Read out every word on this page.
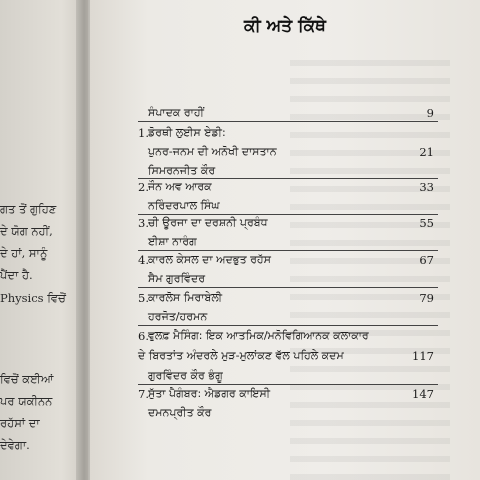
ਗਤ ਤੋਂ ਗੁਹਿਣ
ਦੇ ਯੋਗ ਨਹੀਂ,
ਦੇ ਹਾਂ, ਸਾਨੂੰ
ਪੈਂਦਾ ਹੈ.
Physics ਵਿਚੋਂ
ਵਿਚੋਂ ਕਈਆਂ
ਪਰ ਯਕੀਨਨ
ਰਹੱਸਾਂ ਦਾ
ਦੇਵੇਗਾ.
ਕੀ ਅਤੇ ਕਿੱਥੇ
ਸੰਪਾਦਕ ਰਾਹੀਂ	9
1. ਡੋਰਥੀ ਲੁਈਸ ਏਡੀ:
ਪੁਨਰ-ਜਨਮ ਦੀ ਅਨੋਖੀ ਦਾਸਤਾਨ	21
ਸਿਮਰਨਜੀਤ ਕੌਰ
2. ਜੌਨ ਅਵ ਆਰਕ	33
ਨਰਿੰਦਰਪਾਲ ਸਿੰਘ
3. ਚੀ ਊਰਜਾ ਦਾ ਦਰਸ਼ਨੀ ਪ੍ਰਬੰਧ	55
ਈਸ਼ਾ ਨਾਰੰਗ
4. ਕਾਰਲ ਕੇਸਲ ਦਾ ਅਦਭੁਤ ਰਹੱਸ	67
ਸੈਮ ਗੁਰਵਿੰਦਰ
5. ਕਾਰਲੋਸ ਮਿਰਾਬੇਲੀ	79
ਹਰਜੋਤ/ਹਰਮਨ
6. ਵੁਲਫ਼ ਮੈਸਿੰਗ: ਇਕ ਆਤਮਿਕ/ਮਨੋਵਿਗਿਆਨਕ ਕਲਾਕਾਰ
ਦੇ ਬਿਰਤਾਂਤ ਅੰਦਰਲੇ ਮੁੜ-ਮੁਲਾਂਕਣ ਵੱਲ ਪਹਿਲੇ ਕਦਮ	117
ਗੁਰਵਿੰਦਰ ਕੌਰ ਭੰਗੂ
7. ਸੁੱਤਾ ਪੈਗੰਬਰ: ਐਡਗਰ ਕਾਇਸੀ	147
ਦਮਨਪ੍ਰੀਤ ਕੌਰ
